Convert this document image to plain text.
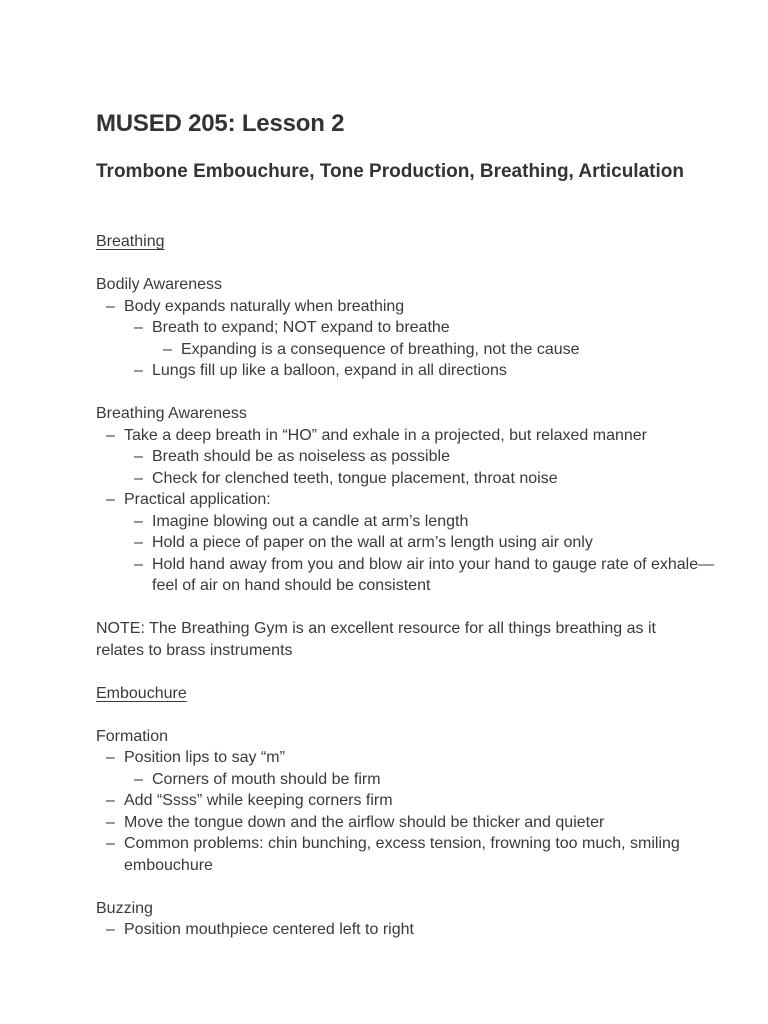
MUSED 205: Lesson 2
Trombone Embouchure, Tone Production, Breathing, Articulation

Breathing

Bodily Awareness

– Body expands naturally when breathing
– Breath to expand; NOT expand to breathe
– Expanding is a consequence of breathing, not the cause
– Lungs fill up like a balloon, expand in all directions

Breathing Awareness

– Take a deep breath in “HO” and exhale in a projected, but relaxed manner
– Breath should be as noiseless as possible
– Check for clenched teeth, tongue placement, throat noise
– Practical application:
– Imagine blowing out a candle at arm’s length
– Hold a piece of paper on the wall at arm’s length using air only
– Hold hand away from you and blow air into your hand to gauge rate of exhale—feel of air on hand should be consistent

NOTE: The Breathing Gym is an excellent resource for all things breathing as it relates to brass instruments

Embouchure

Formation

– Position lips to say “m”
– Corners of mouth should be firm
– Add “Ssss” while keeping corners firm
– Move the tongue down and the airflow should be thicker and quieter
– Common problems: chin bunching, excess tension, frowning too much, smiling embouchure

Buzzing

– Position mouthpiece centered left to right
